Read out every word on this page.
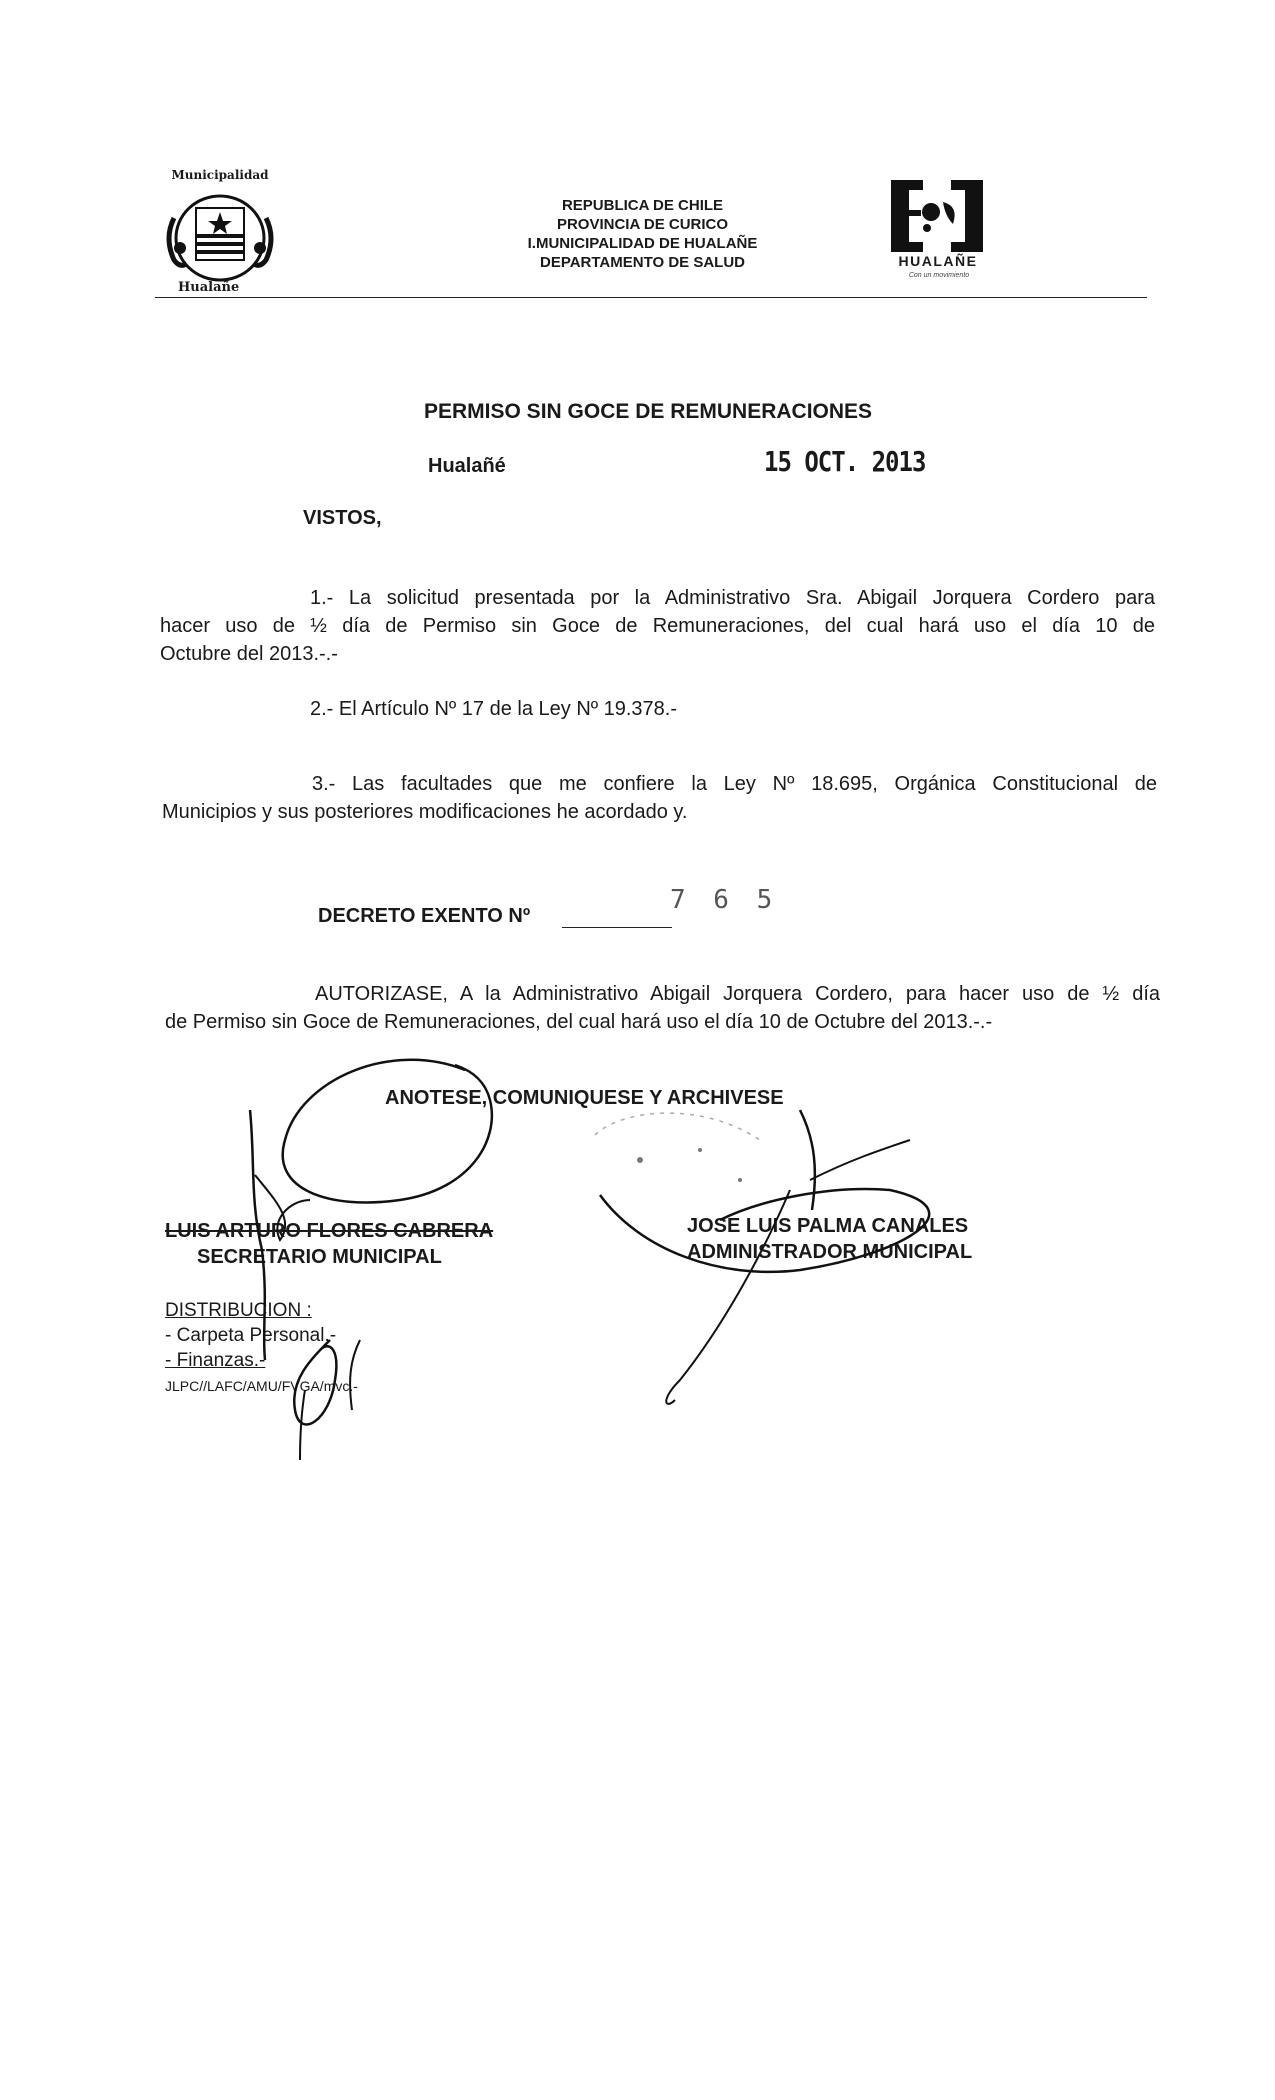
Municipalidad
Hualañe
REPUBLICA DE CHILE
PROVINCIA DE CURICO
I.MUNICIPALIDAD DE HUALAÑE
DEPARTAMENTO DE SALUD	HUALAÑE
Con un movimiento
PERMISO SIN GOCE DE REMUNERACIONES
Hualañé	15 OCT. 2013
VISTOS,
1.- La solicitud presentada por la Administrativo Sra. Abigail Jorquera Cordero para
hacer uso de ½ día de Permiso sin Goce de Remuneraciones, del cual hará uso el día 10 de
Octubre del 2013.-.-
2.- El Artículo Nº 17 de la Ley Nº 19.378.-
3.- Las facultades que me confiere la Ley Nº 18.695, Orgánica Constitucional de
Municipios y sus posteriores modificaciones he acordado y.
DECRETO EXENTO Nº
7 6 5
AUTORIZASE, A la Administrativo Abigail Jorquera Cordero, para hacer uso de ½ día
de Permiso sin Goce de Remuneraciones, del cual hará uso el día 10 de Octubre del 2013.-.-
ANOTESE, COMUNIQUESE Y ARCHIVESE
LUIS ARTURO FLORES CABRERA
SECRETARIO MUNICIPAL
JOSE LUIS PALMA CANALES
ADMINISTRADOR MUNICIPAL
DISTRIBUCION :
- Carpeta Personal.-
- Finanzas.-
JLPC//LAFC/AMU/FVGA/mvc.-
